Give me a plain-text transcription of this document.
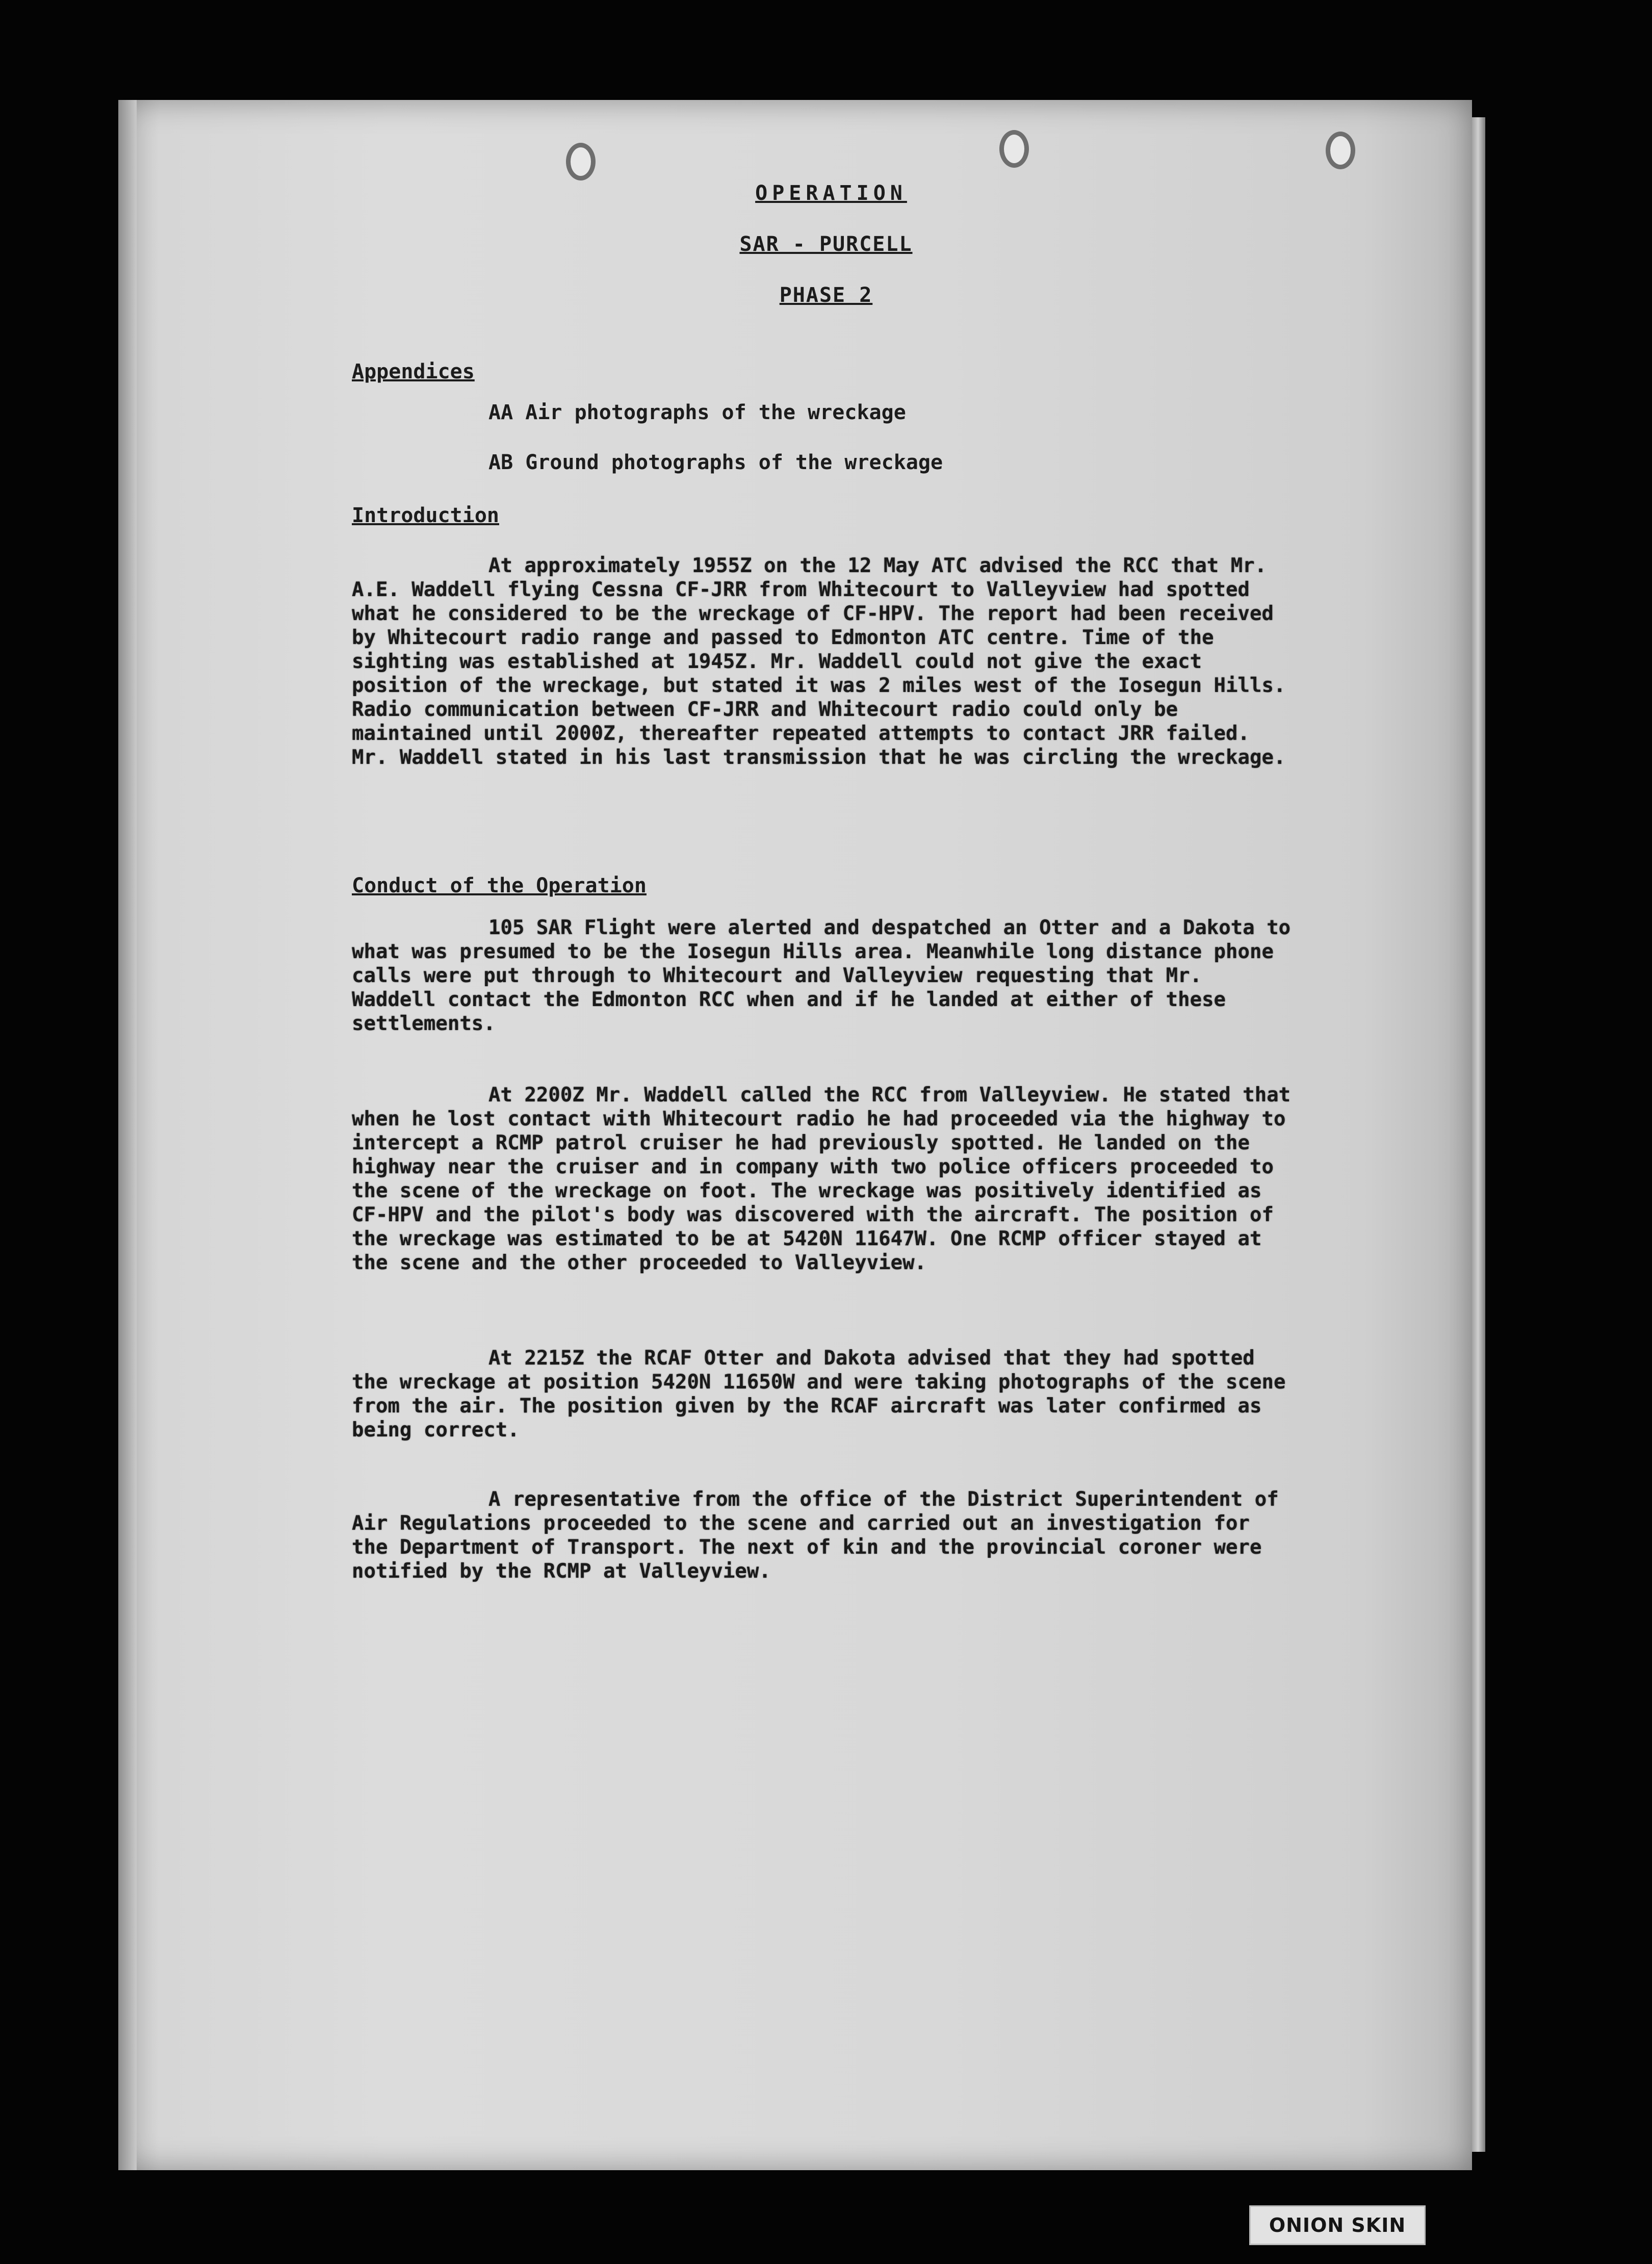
OPERATION

SAR - PURCELL

PHASE 2

Appendices

AA Air photographs of the wreckage

AB Ground photographs of the wreckage

Introduction

At approximately 1955Z on the 12 May ATC advised the RCC that Mr. A.E. Waddell flying Cessna CF-JRR from Whitecourt to Valleyview had spotted what he considered to be the wreckage of CF-HPV. The report had been received by Whitecourt radio range and passed to Edmonton ATC centre. Time of the sighting was established at 1945Z. Mr. Waddell could not give the exact position of the wreckage, but stated it was 2 miles west of the Iosegun Hills. Radio communication between CF-JRR and Whitecourt radio could only be maintained until 2000Z, thereafter repeated attempts to contact JRR failed. Mr. Waddell stated in his last transmission that he was circling the wreckage.

Conduct of the Operation

105 SAR Flight were alerted and despatched an Otter and a Dakota to what was presumed to be the Iosegun Hills area. Meanwhile long distance phone calls were put through to Whitecourt and Valleyview requesting that Mr. Waddell contact the Edmonton RCC when and if he landed at either of these settlements.

At 2200Z Mr. Waddell called the RCC from Valleyview. He stated that when he lost contact with Whitecourt radio he had proceeded via the highway to intercept a RCMP patrol cruiser he had previously spotted. He landed on the highway near the cruiser and in company with two police officers proceeded to the scene of the wreckage on foot. The wreckage was positively identified as CF-HPV and the pilot's body was discovered with the aircraft. The position of the wreckage was estimated to be at 5420N 11647W. One RCMP officer stayed at the scene and the other proceeded to Valleyview.

At 2215Z the RCAF Otter and Dakota advised that they had spotted the wreckage at position 5420N 11650W and were taking photographs of the scene from the air. The position given by the RCAF aircraft was later confirmed as being correct.

A representative from the office of the District Superintendent of Air Regulations proceeded to the scene and carried out an investigation for the Department of Transport. The next of kin and the provincial coroner were notified by the RCMP at Valleyview.

ONION SKIN
